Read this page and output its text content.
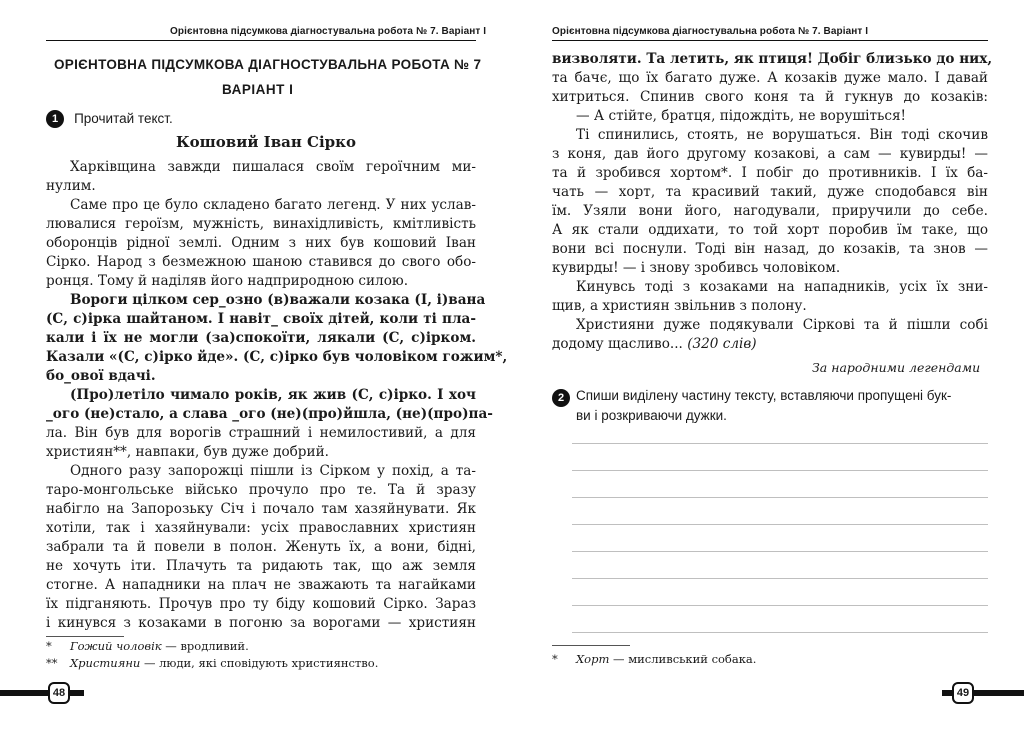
Орієнтовна підсумкова діагностувальна робота № 7. Варіант І
ОРІЄНТОВНА ПІДСУМКОВА ДІАГНОСТУВАЛЬНА РОБОТА № 7
ВАРІАНТ І
1 Прочитай текст.
Кошовий Іван Сірко
Харківщина завжди пишалася своїм героїчним ми-
нулим.
Саме про це було складено багато легенд. У них услав-
лювалися героїзм, мужність, винахідливість, кмітливість
оборонців рідної землі. Одним з них був кошовий Іван
Сірко. Народ з безмежною шаною ставився до свого обо-
ронця. Тому й наділяв його надприродною силою.
Вороги цілком сер_озно (в)важали козака (І, і)вана
(С, с)ірка шайтаном. І навіт_ своїх дітей, коли ті пла-
кали і їх не могли (за)спокоїти, лякали (С, с)ірком.
Казали «(С, с)ірко йде». (С, с)ірко був чоловіком гожим*,
бо_ової вдачі.
(Про)летіло чимало років, як жив (С, с)ірко. І хоч
_ого (не)стало, а слава _ого (не)(про)йшла, (не)(про)па-
ла. Він був для ворогів страшний і немилостивий, а для
християн**, навпаки, був дуже добрий.
Одного разу запорожці пішли із Сірком у похід, а та-
таро-монгольське військо прочуло про те. Та й зразу
набігло на Запорозьку Січ і почало там хазяйнувати. Як
хотіли, так і хазяйнували: усіх православних християн
забрали та й повели в полон. Женуть їх, а вони, бідні,
не хочуть іти. Плачуть та ридають так, що аж земля
стогне. А нападники на плач не зважають та нагайками
їх підганяють. Прочув про ту біду кошовий Сірко. Зараз
і кинувся з козаками в погоню за ворогами — християн
* Гожий чоловік — вродливий.
** Християни — люди, які сповідують християнство.
48
Орієнтовна підсумкова діагностувальна робота № 7. Варіант І
визволяти. Та летить, як птиця! Добіг близько до них,
та бачє, що їх багато дуже. А козаків дуже мало. І давай
хитриться. Спинив свого коня та й гукнув до козаків:
— А стійте, братця, підождіть, не ворушіться!
Ті спинились, стоять, не ворушаться. Він тоді скочив
з коня, дав його другому козакові, а сам — кувирды! —
та й зробився хортом*. І побіг до противників. І їх ба-
чать — хорт, та красивий такий, дуже сподобався він
їм. Узяли вони його, нагодували, приручили до себе.
А як стали оддихати, то той хорт поробив їм таке, що
вони всі поснули. Тоді він назад, до козаків, та знов —
кувирды! — і знову зробивсь чоловіком.
Кинувсь тоді з козаками на нападників, усіх їх зни-
щив, а християн звільнив з полону.
Християни дуже подякували Сіркові та й пішли собі
додому щасливо... (320 слів)
За народними легендами
2 Спиши виділену частину тексту, вставляючи пропущені бук-
ви і розкриваючи дужки.
* Хорт — мисливський собака.
49
